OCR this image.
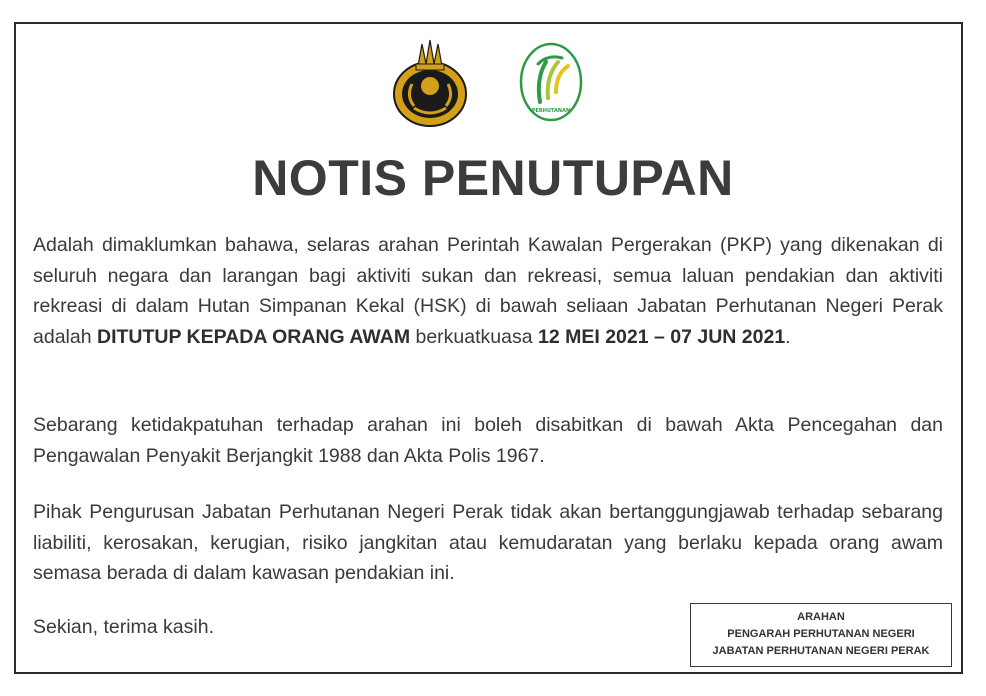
PERHUTANAN
NOTIS PENUTUPAN

Adalah dimaklumkan bahawa, selaras arahan Perintah Kawalan Pergerakan (PKP) yang dikenakan di seluruh negara dan larangan bagi aktiviti sukan dan rekreasi, semua laluan pendakian dan aktiviti rekreasi di dalam Hutan Simpanan Kekal (HSK) di bawah seliaan Jabatan Perhutanan Negeri Perak adalah DITUTUP KEPADA ORANG AWAM berkuatkuasa 12 MEI 2021 – 07 JUN 2021.

Sebarang ketidakpatuhan terhadap arahan ini boleh disabitkan di bawah Akta Pencegahan dan Pengawalan Penyakit Berjangkit 1988 dan Akta Polis 1967.

Pihak Pengurusan Jabatan Perhutanan Negeri Perak tidak akan bertanggungjawab terhadap sebarang liabiliti, kerosakan, kerugian, risiko jangkitan atau kemudaratan yang berlaku kepada orang awam semasa berada di dalam kawasan pendakian ini.

Sekian, terima kasih.	ARAHAN
PENGARAH PERHUTANAN NEGERI
JABATAN PERHUTANAN NEGERI PERAK
